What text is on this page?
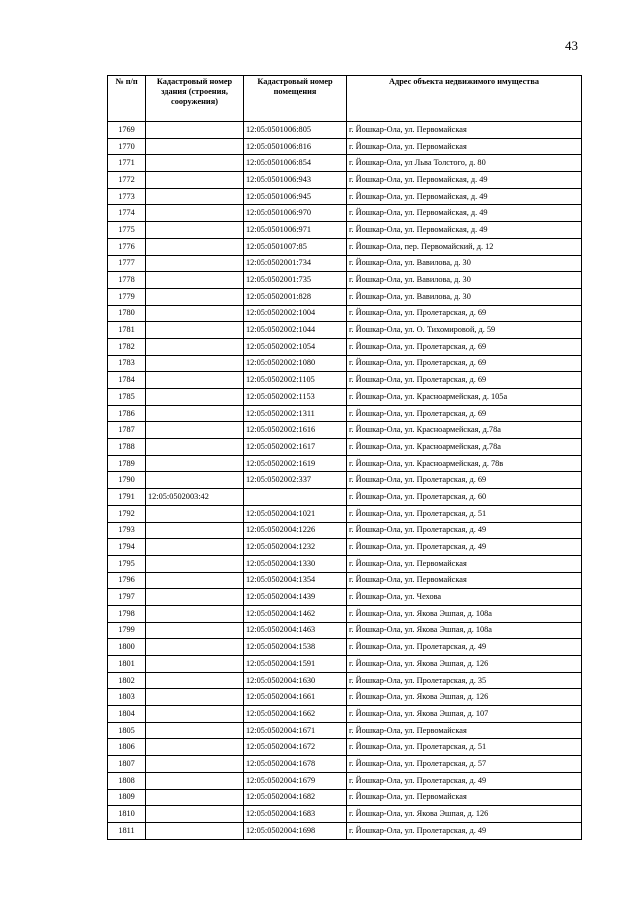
43
№ п/п	Кадастровый номер здания (строения, сооружения)	Кадастровый номер помещения	Адрес объекта недвижимого имущества
1769		12:05:0501006:805	г. Йошкар-Ола, ул. Первомайская
1770		12:05:0501006:816	г. Йошкар-Ола, ул. Первомайская
1771		12:05:0501006:854	г. Йошкар-Ола, ул Льва Толстого, д. 80
1772		12:05:0501006:943	г. Йошкар-Ола, ул. Первомайская, д. 49
1773		12:05:0501006:945	г. Йошкар-Ола, ул. Первомайская, д. 49
1774		12:05:0501006:970	г. Йошкар-Ола, ул. Первомайская, д. 49
1775		12:05:0501006:971	г. Йошкар-Ола, ул. Первомайская, д. 49
1776		12:05:0501007:85	г. Йошкар-Ола, пер. Первомайский, д. 12
1777		12:05:0502001:734	г. Йошкар-Ола, ул. Вавилова, д. 30
1778		12:05:0502001:735	г. Йошкар-Ола, ул. Вавилова, д. 30
1779		12:05:0502001:828	г. Йошкар-Ола, ул. Вавилова, д. 30
1780		12:05:0502002:1004	г. Йошкар-Ола, ул. Пролетарская, д. 69
1781		12:05:0502002:1044	г. Йошкар-Ола, ул. О. Тихомировой, д. 59
1782		12:05:0502002:1054	г. Йошкар-Ола, ул. Пролетарская, д. 69
1783		12:05:0502002:1080	г. Йошкар-Ола, ул. Пролетарская, д. 69
1784		12:05:0502002:1105	г. Йошкар-Ола, ул. Пролетарская, д. 69
1785		12:05:0502002:1153	г. Йошкар-Ола, ул. Красноармейская, д. 105а
1786		12:05:0502002:1311	г. Йошкар-Ола, ул. Пролетарская, д. 69
1787		12:05:0502002:1616	г. Йошкар-Ола, ул. Красноармейская, д.78а
1788		12:05:0502002:1617	г. Йошкар-Ола, ул. Красноармейская, д.78а
1789		12:05:0502002:1619	г. Йошкар-Ола, ул. Красноармейская, д. 78в
1790		12:05:0502002:337	г. Йошкар-Ола, ул. Пролетарская, д. 69
1791	12:05:0502003:42		г. Йошкар-Ола, ул. Пролетарская, д. 60
1792		12:05:0502004:1021	г. Йошкар-Ола, ул. Пролетарская, д. 51
1793		12:05:0502004:1226	г. Йошкар-Ола, ул. Пролетарская, д. 49
1794		12:05:0502004:1232	г. Йошкар-Ола, ул. Пролетарская, д. 49
1795		12:05:0502004:1330	г. Йошкар-Ола, ул. Первомайская
1796		12:05:0502004:1354	г. Йошкар-Ола, ул. Первомайская
1797		12:05:0502004:1439	г. Йошкар-Ола, ул. Чехова
1798		12:05:0502004:1462	г. Йошкар-Ола, ул. Якова Эшпая, д. 108а
1799		12:05:0502004:1463	г. Йошкар-Ола, ул. Якова Эшпая, д. 108а
1800		12:05:0502004:1538	г. Йошкар-Ола, ул. Пролетарская, д. 49
1801		12:05:0502004:1591	г. Йошкар-Ола, ул. Якова Эшпая, д. 126
1802		12:05:0502004:1630	г. Йошкар-Ола, ул. Пролетарская, д. 35
1803		12:05:0502004:1661	г. Йошкар-Ола, ул. Якова Эшпая, д. 126
1804		12:05:0502004:1662	г. Йошкар-Ола, ул. Якова Эшпая, д. 107
1805		12:05:0502004:1671	г. Йошкар-Ола, ул. Первомайская
1806		12:05:0502004:1672	г. Йошкар-Ола, ул. Пролетарская, д. 51
1807		12:05:0502004:1678	г. Йошкар-Ола, ул. Пролетарская, д. 57
1808		12:05:0502004:1679	г. Йошкар-Ола, ул. Пролетарская, д. 49
1809		12:05:0502004:1682	г. Йошкар-Ола, ул. Первомайская
1810		12:05:0502004:1683	г. Йошкар-Ола, ул. Якова Эшпая, д. 126
1811		12:05:0502004:1698	г. Йошкар-Ола, ул. Пролетарская, д. 49
